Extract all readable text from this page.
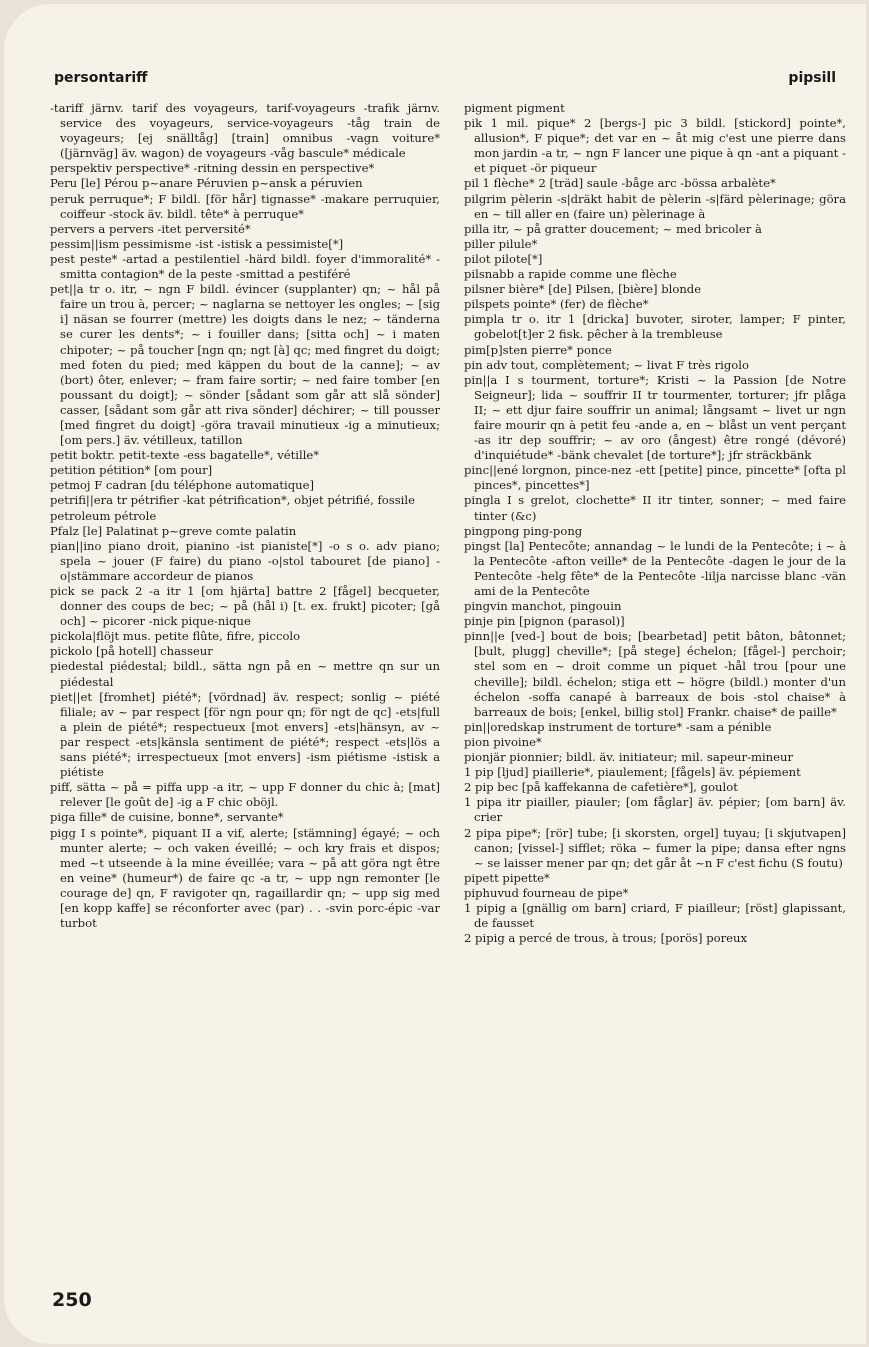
persontariff	pipsill

-tariff järnv. tarif des voyageurs, tarif-voyageurs -trafik järnv. service des voyageurs, service-voyageurs -tåg train de voyageurs; [ej snälltåg] [train] omnibus -vagn voiture* ([järnväg] äv. wagon) de voyageurs -våg bascule* médicale

perspektiv perspective* -ritning dessin en perspective*

Peru [le] Pérou p~anare Péruvien p~ansk a péruvien

peruk perruque*; F bildl. [för hår] tignasse* -makare perruquier, coiffeur -stock äv. bildl. tête* à perruque*

pervers a pervers -itet perversité*

pessim||ism pessimisme -ist -istisk a pessimiste[*]

pest peste* -artad a pestilentiel -härd bildl. foyer d'immoralité* -smitta contagion* de la peste -smittad a pestiféré

pet||a tr o. itr, ~ ngn F bildl. évincer (supplanter) qn; ~ hål på faire un trou à, percer; ~ naglarna se nettoyer les ongles; ~ [sig i] näsan se fourrer (mettre) les doigts dans le nez; ~ tänderna se curer les dents*; ~ i fouiller dans; [sitta och] ~ i maten chipoter; ~ på toucher [ngn qn; ngt [à] qc; med fingret du doigt; med foten du pied; med käppen du bout de la canne]; ~ av (bort) ôter, enlever; ~ fram faire sortir; ~ ned faire tomber [en poussant du doigt]; ~ sönder [sådant som går att slå sönder] casser, [sådant som går att riva sönder] déchirer; ~ till pousser [med fingret du doigt] -göra travail minutieux -ig a minutieux; [om pers.] äv. vétilleux, tatillon

petit boktr. petit-texte -ess bagatelle*, vétille*

petition pétition* [om pour]

petmoj F cadran [du téléphone automatique]

petrifi||era tr pétrifier -kat pétrification*, objet pétrifié, fossile

petroleum pétrole

Pfalz [le] Palatinat p~greve comte palatin

pian||ino piano droit, pianino -ist pianiste[*] -o s o. adv piano; spela ~ jouer (F faire) du piano -o|stol tabouret [de piano] -o|stämmare accordeur de pianos

pick se pack 2 -a itr 1 [om hjärta] battre 2 [fågel] becqueter, donner des coups de bec; ~ på (hål i) [t. ex. frukt] picoter; [gå och] ~ picorer -nick pique-nique

pickola|flöjt mus. petite flûte, fifre, piccolo

pickolo [på hotell] chasseur

piedestal piédestal; bildl., sätta ngn på en ~ mettre qn sur un piédestal

piet||et [fromhet] piété*; [vördnad] äv. respect; sonlig ~ piété filiale; av ~ par respect [för ngn pour qn; för ngt de qc] -ets|full a plein de piété*; respectueux [mot envers] -ets|hänsyn, av ~ par respect -ets|känsla sentiment de piété*; respect -ets|lös a sans piété*; irrespectueux [mot envers] -ism piétisme -istisk a piétiste

piff, sätta ~ på = piffa upp -a itr, ~ upp F donner du chic à; [mat] relever [le goût de] -ig a F chic oböjl.

piga fille* de cuisine, bonne*, servante*

pigg I s pointe*, piquant II a vif, alerte; [stämning] égayé; ~ och munter alerte; ~ och vaken éveillé; ~ och kry frais et dispos; med ~t utseende à la mine éveillée; vara ~ på att göra ngt être en veine* (humeur*) de faire qc -a tr, ~ upp ngn remonter [le courage de] qn, F ravigoter qn, ragaillardir qn; ~ upp sig med [en kopp kaffe] se réconforter avec (par) . . -svin porc-épic -var turbot

pigment pigment

pik 1 mil. pique* 2 [bergs-] pic 3 bildl. [stickord] pointe*, allusion*, F pique*; det var en ~ åt mig c'est une pierre dans mon jardin -a tr, ~ ngn F lancer une pique à qn -ant a piquant -et piquet -ör piqueur

pil 1 flèche* 2 [träd] saule -båge arc -bössa arbalète*

pilgrim pèlerin -s|dräkt habit de pèlerin -s|färd pèlerinage; göra en ~ till aller en (faire un) pèlerinage à

pilla itr, ~ på gratter doucement; ~ med bricoler à

piller pilule*

pilot pilote[*]

pilsnabb a rapide comme une flèche

pilsner bière* [de] Pilsen, [bière] blonde

pilspets pointe* (fer) de flèche*

pimpla tr o. itr 1 [dricka] buvoter, siroter, lamper; F pinter, gobelot[t]er 2 fisk. pêcher à la trembleuse

pim[p]sten pierre* ponce

pin adv tout, complètement; ~ livat F très rigolo

pin||a I s tourment, torture*; Kristi ~ la Passion [de Notre Seigneur]; lida ~ souffrir II tr tourmenter, torturer; jfr plåga II; ~ ett djur faire souffrir un animal; långsamt ~ livet ur ngn faire mourir qn à petit feu -ande a, en ~ blåst un vent perçant -as itr dep souffrir; ~ av oro (ångest) être rongé (dévoré) d'inquiétude* -bänk chevalet [de torture*]; jfr sträckbänk

pinc||ené lorgnon, pince-nez -ett [petite] pince, pincette* [ofta pl pinces*, pincettes*]

pingla I s grelot, clochette* II itr tinter, sonner; ~ med faire tinter (&c)

pingpong ping-pong

pingst [la] Pentecôte; annandag ~ le lundi de la Pentecôte; i ~ à la Pentecôte -afton veille* de la Pentecôte -dagen le jour de la Pentecôte -helg fête* de la Pentecôte -lilja narcisse blanc -vän ami de la Pentecôte

pingvin manchot, pingouin

pinje pin [pignon (parasol)]

pinn||e [ved-] bout de bois; [bearbetad] petit bâton, bâtonnet; [bult, plugg] cheville*; [på stege] échelon; [fågel-] perchoir; stel som en ~ droit comme un piquet -hål trou [pour une cheville]; bildl. échelon; stiga ett ~ högre (bildl.) monter d'un échelon -soffa canapé à barreaux de bois -stol chaise* à barreaux de bois; [enkel, billig stol] Frankr. chaise* de paille*

pin||oredskap instrument de torture* -sam a pénible

pion pivoine*

pionjär pionnier; bildl. äv. initiateur; mil. sapeur-mineur

1 pip [ljud] piaillerie*, piaulement; [fågels] äv. pépiement

2 pip bec [på kaffekanna de cafetière*], goulot

1 pipa itr piailler, piauler; [om fåglar] äv. pépier; [om barn] äv. crier

2 pipa pipe*; [rör] tube; [i skorsten, orgel] tuyau; [i skjutvapen] canon; [vissel-] sifflet; röka ~ fumer la pipe; dansa efter ngns ~ se laisser mener par qn; det går åt ~n F c'est fichu (S foutu)

pipett pipette*

piphuvud fourneau de pipe*

1 pipig a [gnällig om barn] criard, F piailleur; [röst] glapissant, de fausset

2 pipig a percé de trous, à trous; [porös] poreux

250
